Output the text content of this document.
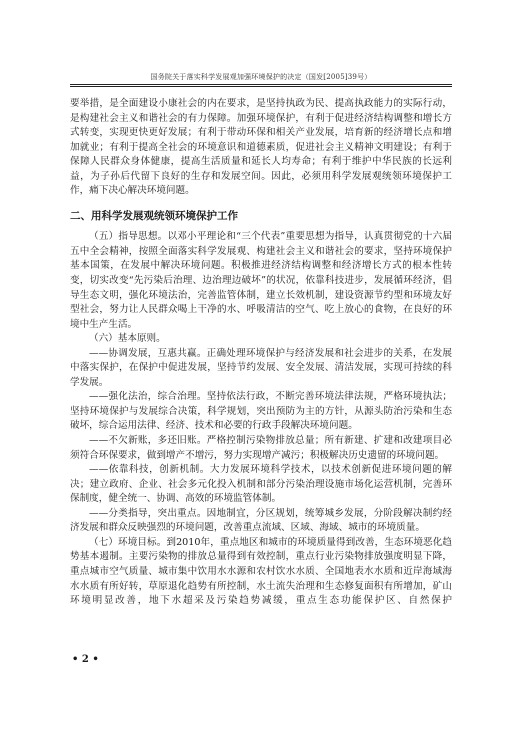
国务院关于落实科学发展观加强环境保护的决定（国发[2005]39号）

要举措，是全面建设小康社会的内在要求，是坚持执政为民、提高执政能力的实际行动，是构建社会主义和谐社会的有力保障。加强环境保护，有利于促进经济结构调整和增长方式转变，实现更快更好发展；有利于带动环保和相关产业发展，培育新的经济增长点和增加就业；有利于提高全社会的环境意识和道德素质，促进社会主义精神文明建设；有利于保障人民群众身体健康，提高生活质量和延长人均寿命；有利于维护中华民族的长远利益，为子孙后代留下良好的生存和发展空间。因此，必须用科学发展观统领环境保护工作，痛下决心解决环境问题。

二、用科学发展观统领环境保护工作

（五）指导思想。以邓小平理论和“三个代表”重要思想为指导，认真贯彻党的十六届五中全会精神，按照全面落实科学发展观、构建社会主义和谐社会的要求，坚持环境保护基本国策，在发展中解决环境问题。积极推进经济结构调整和经济增长方式的根本性转变，切实改变“先污染后治理、边治理边破坏”的状况，依靠科技进步，发展循环经济，倡导生态文明，强化环境法治，完善监管体制，建立长效机制，建设资源节约型和环境友好型社会，努力让人民群众喝上干净的水、呼吸清洁的空气、吃上放心的食物，在良好的环境中生产生活。

（六）基本原则。

——协调发展，互惠共赢。正确处理环境保护与经济发展和社会进步的关系，在发展中落实保护，在保护中促进发展，坚持节约发展、安全发展、清洁发展，实现可持续的科学发展。

——强化法治，综合治理。坚持依法行政，不断完善环境法律法规，严格环境执法；坚持环境保护与发展综合决策，科学规划，突出预防为主的方针，从源头防治污染和生态破坏，综合运用法律、经济、技术和必要的行政手段解决环境问题。

——不欠新账，多还旧账。严格控制污染物排放总量；所有新建、扩建和改建项目必须符合环保要求，做到增产不增污，努力实现增产减污；积极解决历史遗留的环境问题。

——依靠科技，创新机制。大力发展环境科学技术，以技术创新促进环境问题的解决；建立政府、企业、社会多元化投入机制和部分污染治理设施市场化运营机制，完善环保制度，健全统一、协调、高效的环境监管体制。

——分类指导，突出重点。因地制宜，分区规划，统筹城乡发展，分阶段解决制约经济发展和群众反映强烈的环境问题，改善重点流域、区域、海域、城市的环境质量。

（七）环境目标。到2010年，重点地区和城市的环境质量得到改善，生态环境恶化趋势基本遏制。主要污染物的排放总量得到有效控制，重点行业污染物排放强度明显下降，重点城市空气质量、城市集中饮用水水源和农村饮水水质、全国地表水水质和近岸海域海水水质有所好转，草原退化趋势有所控制，水土流失治理和生态修复面积有所增加，矿山环境明显改善，地下水超采及污染趋势减缓，重点生态功能保护区、自然保护

• 2 •
